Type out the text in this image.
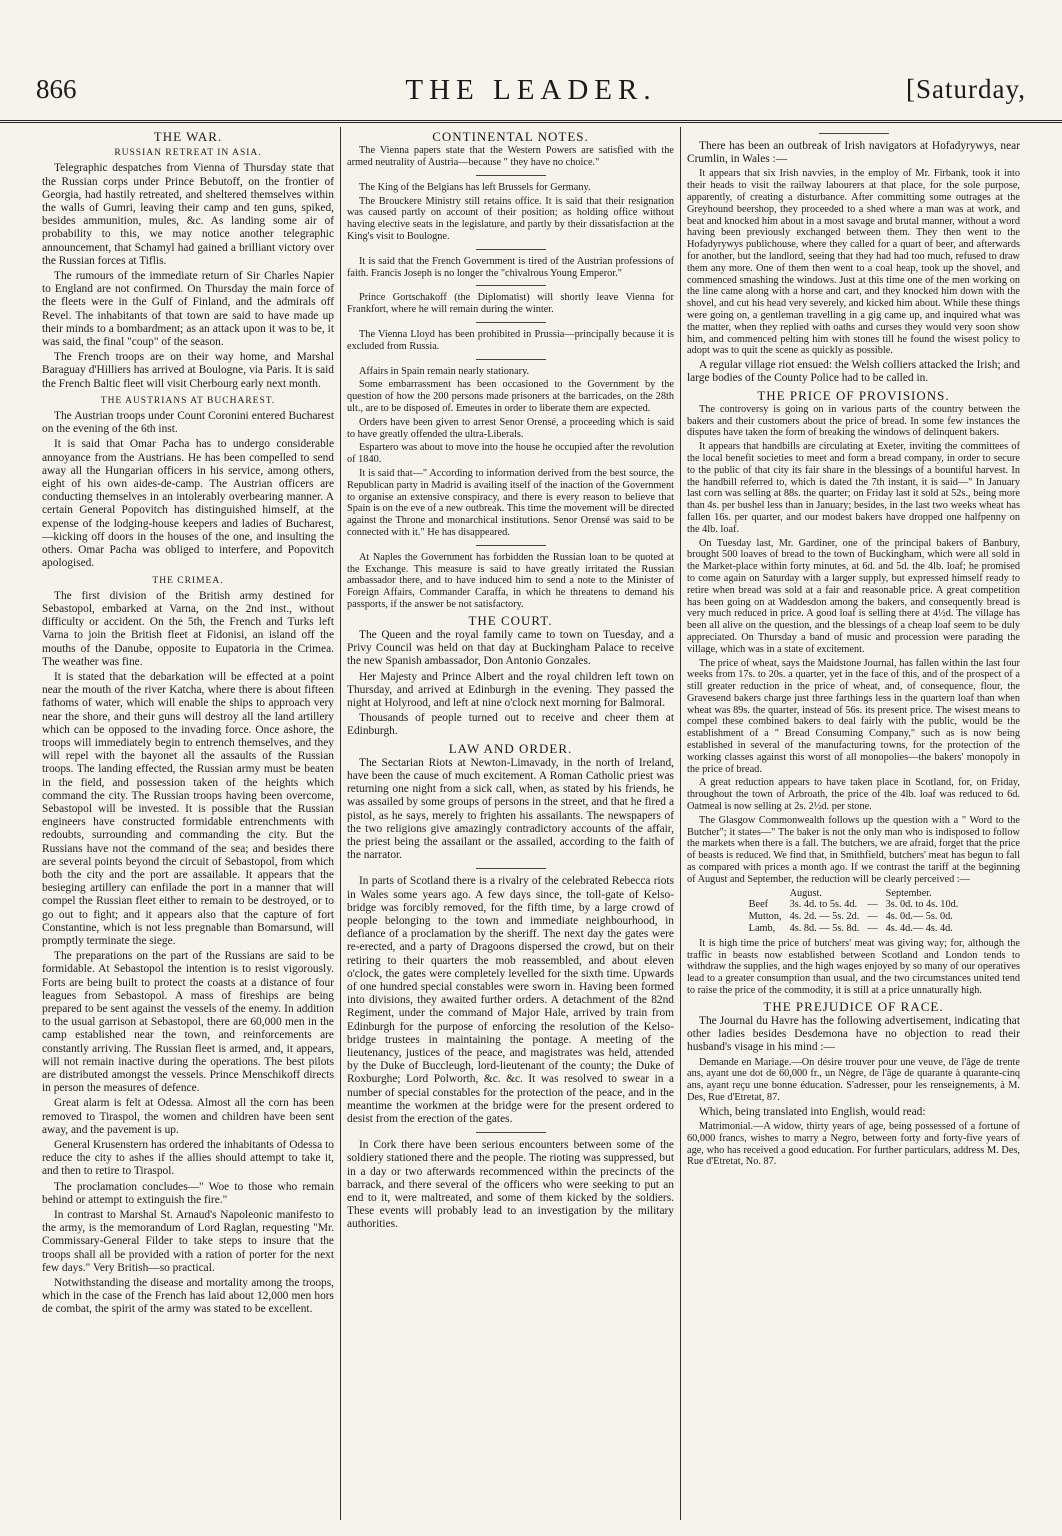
866	THE LEADER.	[Saturday,
THE WAR.
RUSSIAN RETREAT IN ASIA.

Telegraphic despatches from Vienna of Thursday state that the Russian corps under Prince Bebutoff, on the frontier of Georgia, had hastily retreated, and sheltered themselves within the walls of Gumri, leaving their camp and ten guns, spiked, besides ammunition, mules, &c. As landing some air of probability to this, we may notice another telegraphic announcement, that Schamyl had gained a brilliant victory over the Russian forces at Tiflis.

The rumours of the immediate return of Sir Charles Napier to England are not confirmed. On Thursday the main force of the fleets were in the Gulf of Finland, and the admirals off Revel. The inhabitants of that town are said to have made up their minds to a bombardment; as an attack upon it was to be, it was said, the final "coup" of the season.

The French troops are on their way home, and Marshal Baraguay d'Hilliers has arrived at Boulogne, via Paris. It is said the French Baltic fleet will visit Cherbourg early next month.

THE AUSTRIANS AT BUCHAREST.

The Austrian troops under Count Coronini entered Bucharest on the evening of the 6th inst.

It is said that Omar Pacha has to undergo considerable annoyance from the Austrians. He has been compelled to send away all the Hungarian officers in his service, among others, eight of his own aides-de-camp. The Austrian officers are conducting themselves in an intolerably overbearing manner. A certain General Popovitch has distinguished himself, at the expense of the lodging-house keepers and ladies of Bucharest,—kicking off doors in the houses of the one, and insulting the others. Omar Pacha was obliged to interfere, and Popovitch apologised.

THE CRIMEA.

The first division of the British army destined for Sebastopol, embarked at Varna, on the 2nd inst., without difficulty or accident. On the 5th, the French and Turks left Varna to join the British fleet at Fidonisi, an island off the mouths of the Danube, opposite to Eupatoria in the Crimea. The weather was fine.

It is stated that the debarkation will be effected at a point near the mouth of the river Katcha, where there is about fifteen fathoms of water, which will enable the ships to approach very near the shore, and their guns will destroy all the land artillery which can be opposed to the invading force. Once ashore, the troops will immediately begin to entrench themselves, and they will repel with the bayonet all the assaults of the Russian troops. The landing effected, the Russian army must be beaten in the field, and possession taken of the heights which command the city. The Russian troops having been overcome, Sebastopol will be invested. It is possible that the Russian engineers have constructed formidable entrenchments with redoubts, surrounding and commanding the city. But the Russians have not the command of the sea; and besides there are several points beyond the circuit of Sebastopol, from which both the city and the port are assailable. It appears that the besieging artillery can enfilade the port in a manner that will compel the Russian fleet either to remain to be destroyed, or to go out to fight; and it appears also that the capture of fort Constantine, which is not less pregnable than Bomarsund, will promptly terminate the siege.

The preparations on the part of the Russians are said to be formidable. At Sebastopol the intention is to resist vigorously. Forts are being built to protect the coasts at a distance of four leagues from Sebastopol. A mass of fireships are being prepared to be sent against the vessels of the enemy. In addition to the usual garrison at Sebastopol, there are 60,000 men in the camp established near the town, and reinforcements are constantly arriving. The Russian fleet is armed, and, it appears, will not remain inactive during the operations. The best pilots are distributed amongst the vessels. Prince Menschikoff directs in person the measures of defence.

Great alarm is felt at Odessa. Almost all the corn has been removed to Tiraspol, the women and children have been sent away, and the pavement is up.

General Krusenstern has ordered the inhabitants of Odessa to reduce the city to ashes if the allies should attempt to take it, and then to retire to Tiraspol.

The proclamation concludes—" Woe to those who remain behind or attempt to extinguish the fire."

In contrast to Marshal St. Arnaud's Napoleonic manifesto to the army, is the memorandum of Lord Raglan, requesting "Mr. Commissary-General Filder to take steps to insure that the troops shall all be provided with a ration of porter for the next few days." Very British—so practical.

Notwithstanding the disease and mortality among the troops, which in the case of the French has laid about 12,000 men hors de combat, the spirit of the army was stated to be excellent.

CONTINENTAL NOTES.

The Vienna papers state that the Western Powers are satisfied with the armed neutrality of Austria—because " they have no choice."

The King of the Belgians has left Brussels for Germany.

The Brouckere Ministry still retains office. It is said that their resignation was caused partly on account of their position; as holding office without having elective seats in the legislature, and partly by their dissatisfaction at the King's visit to Boulogne.

It is said that the French Government is tired of the Austrian professions of faith. Francis Joseph is no longer the "chivalrous Young Emperor."

Prince Gortschakoff (the Diplomatist) will shortly leave Vienna for Frankfort, where he will remain during the winter.

The Vienna Lloyd has been prohibited in Prussia—principally because it is excluded from Russia.

Affairs in Spain remain nearly stationary.

Some embarrassment has been occasioned to the Government by the question of how the 200 persons made prisoners at the barricades, on the 28th ult., are to be disposed of. Emeutes in order to liberate them are expected.

Orders have been given to arrest Senor Orensé, a proceeding which is said to have greatly offended the ultra-Liberals.

Espartero was about to move into the house he occupied after the revolution of 1840.

It is said that—" According to information derived from the best source, the Republican party in Madrid is availing itself of the inaction of the Government to organise an extensive conspiracy, and there is every reason to believe that Spain is on the eve of a new outbreak. This time the movement will be directed against the Throne and monarchical institutions. Senor Orensé was said to be connected with it." He has disappeared.

At Naples the Government has forbidden the Russian loan to be quoted at the Exchange. This measure is said to have greatly irritated the Russian ambassador there, and to have induced him to send a note to the Minister of Foreign Affairs, Commander Caraffa, in which he threatens to demand his passports, if the answer be not satisfactory.

THE COURT.

The Queen and the royal family came to town on Tuesday, and a Privy Council was held on that day at Buckingham Palace to receive the new Spanish ambassador, Don Antonio Gonzales.

Her Majesty and Prince Albert and the royal children left town on Thursday, and arrived at Edinburgh in the evening. They passed the night at Holyrood, and left at nine o'clock next morning for Balmoral.

Thousands of people turned out to receive and cheer them at Edinburgh.

LAW AND ORDER.

The Sectarian Riots at Newton-Limavady, in the north of Ireland, have been the cause of much excitement. A Roman Catholic priest was returning one night from a sick call, when, as stated by his friends, he was assailed by some groups of persons in the street, and that he fired a pistol, as he says, merely to frighten his assailants. The newspapers of the two religions give amazingly contradictory accounts of the affair, the priest being the assailant or the assailed, according to the faith of the narrator.

In parts of Scotland there is a rivalry of the celebrated Rebecca riots in Wales some years ago. A few days since, the toll-gate of Kelso-bridge was forcibly removed, for the fifth time, by a large crowd of people belonging to the town and immediate neighbourhood, in defiance of a proclamation by the sheriff. The next day the gates were re-erected, and a party of Dragoons dispersed the crowd, but on their retiring to their quarters the mob reassembled, and about eleven o'clock, the gates were completely levelled for the sixth time. Upwards of one hundred special constables were sworn in. Having been formed into divisions, they awaited further orders. A detachment of the 82nd Regiment, under the command of Major Hale, arrived by train from Edinburgh for the purpose of enforcing the resolution of the Kelso-bridge trustees in maintaining the pontage. A meeting of the lieutenancy, justices of the peace, and magistrates was held, attended by the Duke of Buccleugh, lord-lieutenant of the county; the Duke of Roxburghe; Lord Polworth, &c. &c. It was resolved to swear in a number of special constables for the protection of the peace, and in the meantime the workmen at the bridge were for the present ordered to desist from the erection of the gates.

In Cork there have been serious encounters between some of the soldiery stationed there and the people. The rioting was suppressed, but in a day or two afterwards recommenced within the precincts of the barrack, and there several of the officers who were seeking to put an end to it, were maltreated, and some of them kicked by the soldiers. These events will probably lead to an investigation by the military authorities.

There has been an outbreak of Irish navigators at Hofadyrywys, near Crumlin, in Wales :—

It appears that six Irish navvies, in the employ of Mr. Firbank, took it into their heads to visit the railway labourers at that place, for the sole purpose, apparently, of creating a disturbance. After committing some outrages at the Greyhound beershop, they proceeded to a shed where a man was at work, and beat and knocked him about in a most savage and brutal manner, without a word having been previously exchanged between them. They then went to the Hofadyrywys publichouse, where they called for a quart of beer, and afterwards for another, but the landlord, seeing that they had had too much, refused to draw them any more. One of them then went to a coal heap, took up the shovel, and commenced smashing the windows. Just at this time one of the men working on the line came along with a horse and cart, and they knocked him down with the shovel, and cut his head very severely, and kicked him about. While these things were going on, a gentleman travelling in a gig came up, and inquired what was the matter, when they replied with oaths and curses they would very soon show him, and commenced pelting him with stones till he found the wisest policy to adopt was to quit the scene as quickly as possible.

A regular village riot ensued: the Welsh colliers attacked the Irish; and large bodies of the County Police had to be called in.

THE PRICE OF PROVISIONS.

The controversy is going on in various parts of the country between the bakers and their customers about the price of bread. In some few instances the disputes have taken the form of breaking the windows of delinquent bakers.

It appears that handbills are circulating at Exeter, inviting the committees of the local benefit societies to meet and form a bread company, in order to secure to the public of that city its fair share in the blessings of a bountiful harvest. In the handbill referred to, which is dated the 7th instant, it is said—" In January last corn was selling at 88s. the quarter; on Friday last it sold at 52s., being more than 4s. per bushel less than in January; besides, in the last two weeks wheat has fallen 16s. per quarter, and our modest bakers have dropped one halfpenny on the 4lb. loaf.

On Tuesday last, Mr. Gardiner, one of the principal bakers of Banbury, brought 500 loaves of bread to the town of Buckingham, which were all sold in the Market-place within forty minutes, at 6d. and 5d. the 4lb. loaf; he promised to come again on Saturday with a larger supply, but expressed himself ready to retire when bread was sold at a fair and reasonable price. A great competition has been going on at Waddesdon among the bakers, and consequently bread is very much reduced in price. A good loaf is selling there at 4½d. The village has been all alive on the question, and the blessings of a cheap loaf seem to be duly appreciated. On Thursday a band of music and procession were parading the village, which was in a state of excitement.

The price of wheat, says the Maidstone Journal, has fallen within the last four weeks from 17s. to 20s. a quarter, yet in the face of this, and of the prospect of a still greater reduction in the price of wheat, and, of consequence, flour, the Gravesend bakers charge just three farthings less in the quartern loaf than when wheat was 89s. the quarter, instead of 56s. its present price. The wisest means to compel these combined bakers to deal fairly with the public, would be the establishment of a " Bread Consuming Company," such as is now being established in several of the manufacturing towns, for the protection of the working classes against this worst of all monopolies—the bakers' monopoly in the price of bread.

A great reduction appears to have taken place in Scotland, for, on Friday, throughout the town of Arbroath, the price of the 4lb. loaf was reduced to 6d. Oatmeal is now selling at 2s. 2½d. per stone.

The Glasgow Commonwealth follows up the question with a " Word to the Butcher"; it states—" The baker is not the only man who is indisposed to follow the markets when there is a fall. The butchers, we are afraid, forget that the price of beasts is reduced. We find that, in Smithfield, butchers' meat has begun to fall as compared with prices a month ago. If we contrast the tariff at the beginning of August and September, the reduction will be clearly perceived :—

	August.		September.
Beef	3s. 4d. to 5s. 4d.	—	3s. 0d. to 4s. 10d.
Mutton,	4s. 2d. — 5s. 2d.	—	4s. 0d.— 5s. 0d.
Lamb,	4s. 8d. — 5s. 8d.	—	4s. 4d.— 4s. 4d.

It is high time the price of butchers' meat was giving way; for, although the traffic in beasts now established between Scotland and London tends to withdraw the supplies, and the high wages enjoyed by so many of our operatives lead to a greater consumption than usual, and the two circumstances united tend to raise the price of the commodity, it is still at a price unnaturally high.

THE PREJUDICE OF RACE.

The Journal du Havre has the following advertisement, indicating that other ladies besides Desdemona have no objection to read their husband's visage in his mind :—

Demande en Mariage.—On désire trouver pour une veuve, de l'âge de trente ans, ayant une dot de 60,000 fr., un Nègre, de l'âge de quarante à quarante-cinq ans, ayant reçu une bonne éducation. S'adresser, pour les renseignements, à M. Des, Rue d'Etretat, 87.

Which, being translated into English, would read:

Matrimonial.—A widow, thirty years of age, being possessed of a fortune of 60,000 francs, wishes to marry a Negro, between forty and forty-five years of age, who has received a good education. For further particulars, address M. Des, Rue d'Etretat, No. 87.
